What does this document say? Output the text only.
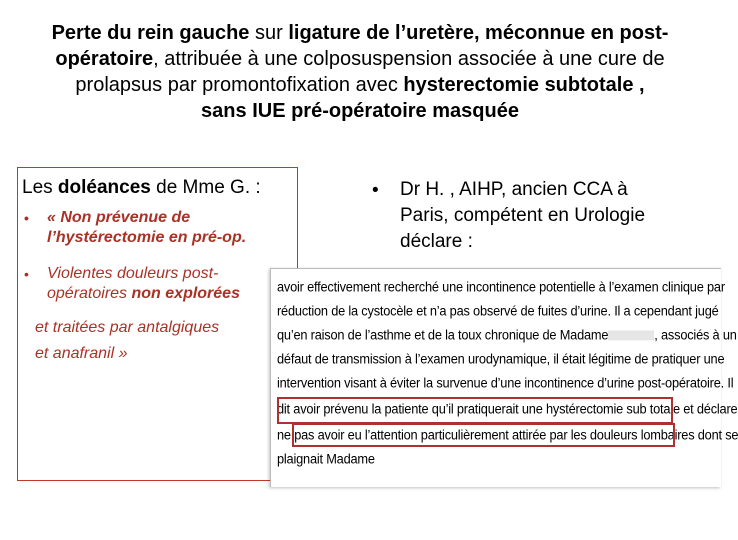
Perte du rein gauche sur ligature de l’uretère, méconnue en post-
opératoire, attribuée à une colposuspension associée à une cure de
prolapsus par promontofixation avec hysterectomie subtotale ,
sans IUE pré-opératoire masquée
Les doléances de Mme G. :
• « Non prévenue de l’hystérectomie en pré-op.
• Violentes douleurs post-opératoires non explorées
et traitées par antalgiques
et anafranil »
• Dr H. , AIHP, ancien CCA à Paris, compétent en Urologie déclare :
avoir effectivement recherché une incontinence potentielle à l’examen clinique par
réduction de la cystocèle et n’a pas observé de fuites d’urine. Il a cependant jugé
qu’en raison de l’asthme et de la toux chronique de Madame	, associés à un
défaut de transmission à l’examen urodynamique, il était légitime de pratiquer une
intervention visant à éviter la survenue d’une incontinence d’urine post-opératoire. Il
dit avoir prévenu la patiente qu’il pratiquerait une hystérectomie sub totale et déclare
ne pas avoir eu l’attention particulièrement attirée par les douleurs lombaires dont se
plaignait Madame
